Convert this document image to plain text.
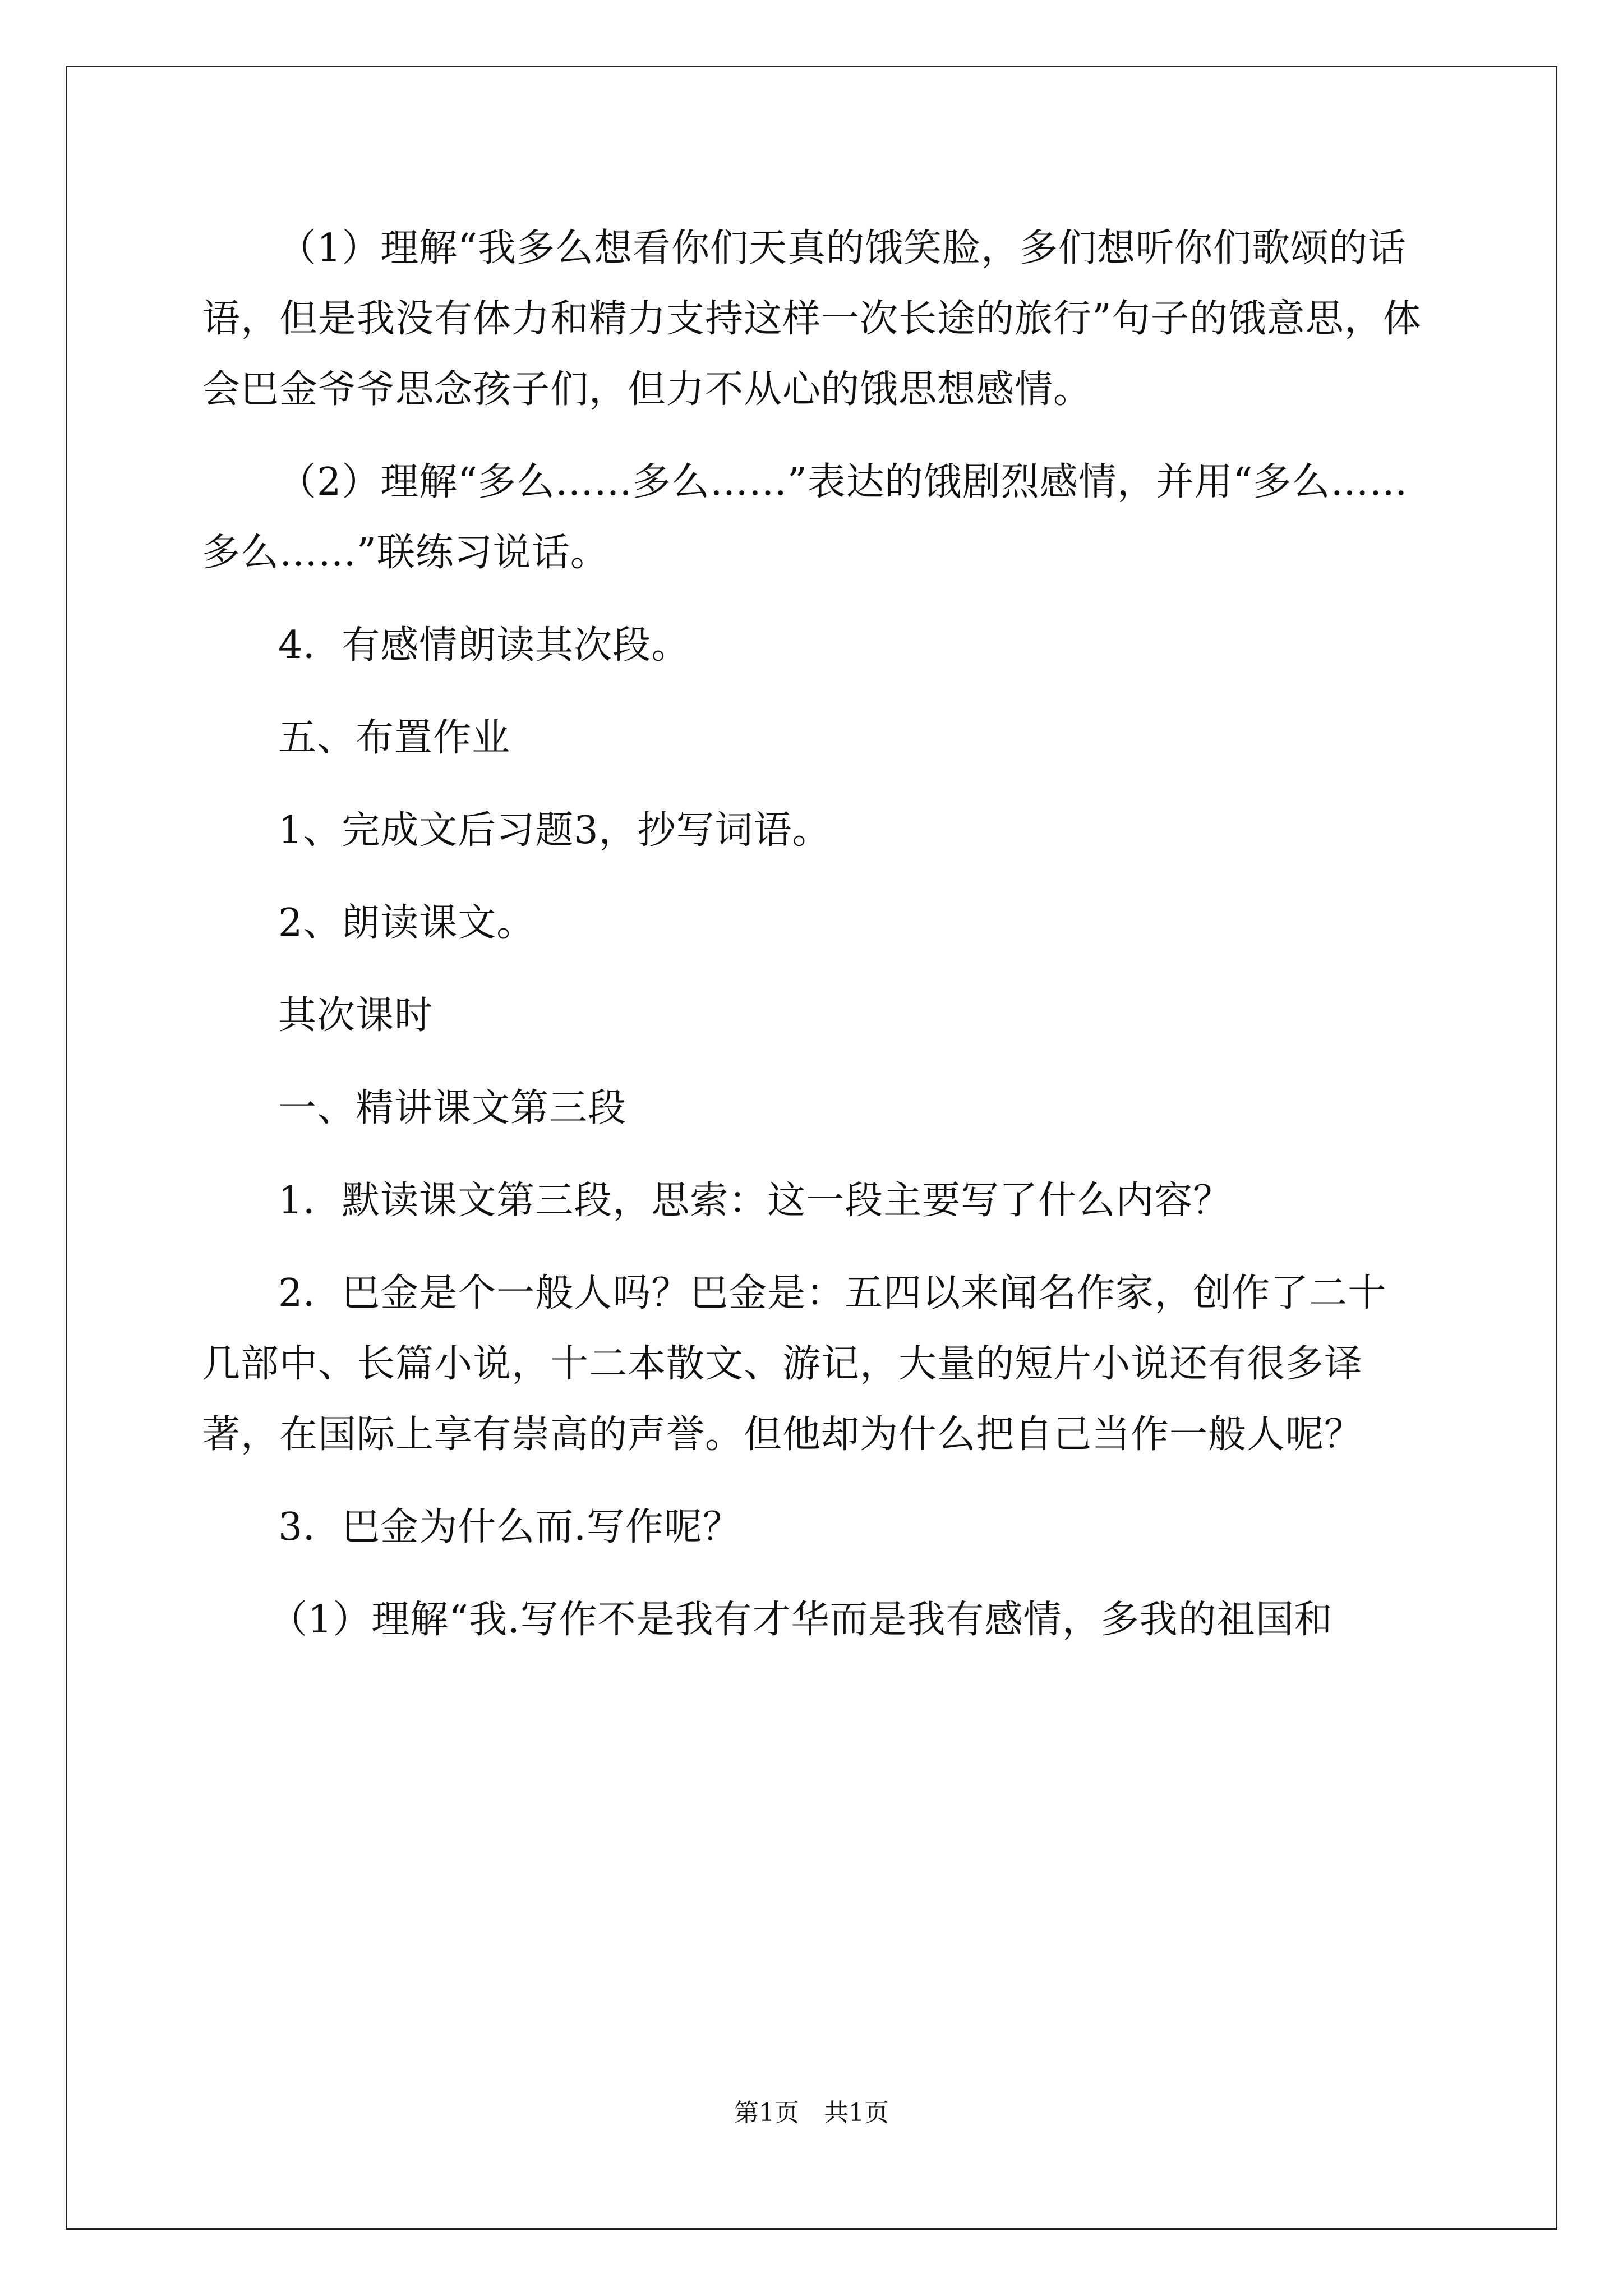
（1）理解“我多么想看你们天真的饿笑脸，多们想听你们歌颂的话语，但是我没有体力和精力支持这样一次长途的旅行”句子的饿意思，体会巴金爷爷思念孩子们，但力不从心的饿思想感情。

（2）理解“多么……多么……”表达的饿剧烈感情，并用“多么……多么……”联练习说话。

4．有感情朗读其次段。

五、布置作业

1、完成文后习题3，抄写词语。

2、朗读课文。

其次课时

一、精讲课文第三段

1．默读课文第三段，思索：这一段主要写了什么内容？

2．巴金是个一般人吗？巴金是：五四以来闻名作家，创作了二十几部中、长篇小说，十二本散文、游记，大量的短片小说还有很多译著，在国际上享有崇高的声誉。但他却为什么把自己当作一般人呢？

3．巴金为什么而.写作呢？

（1）理解“我.写作不是我有才华而是我有感情，多我的祖国和

第1页　共1页
